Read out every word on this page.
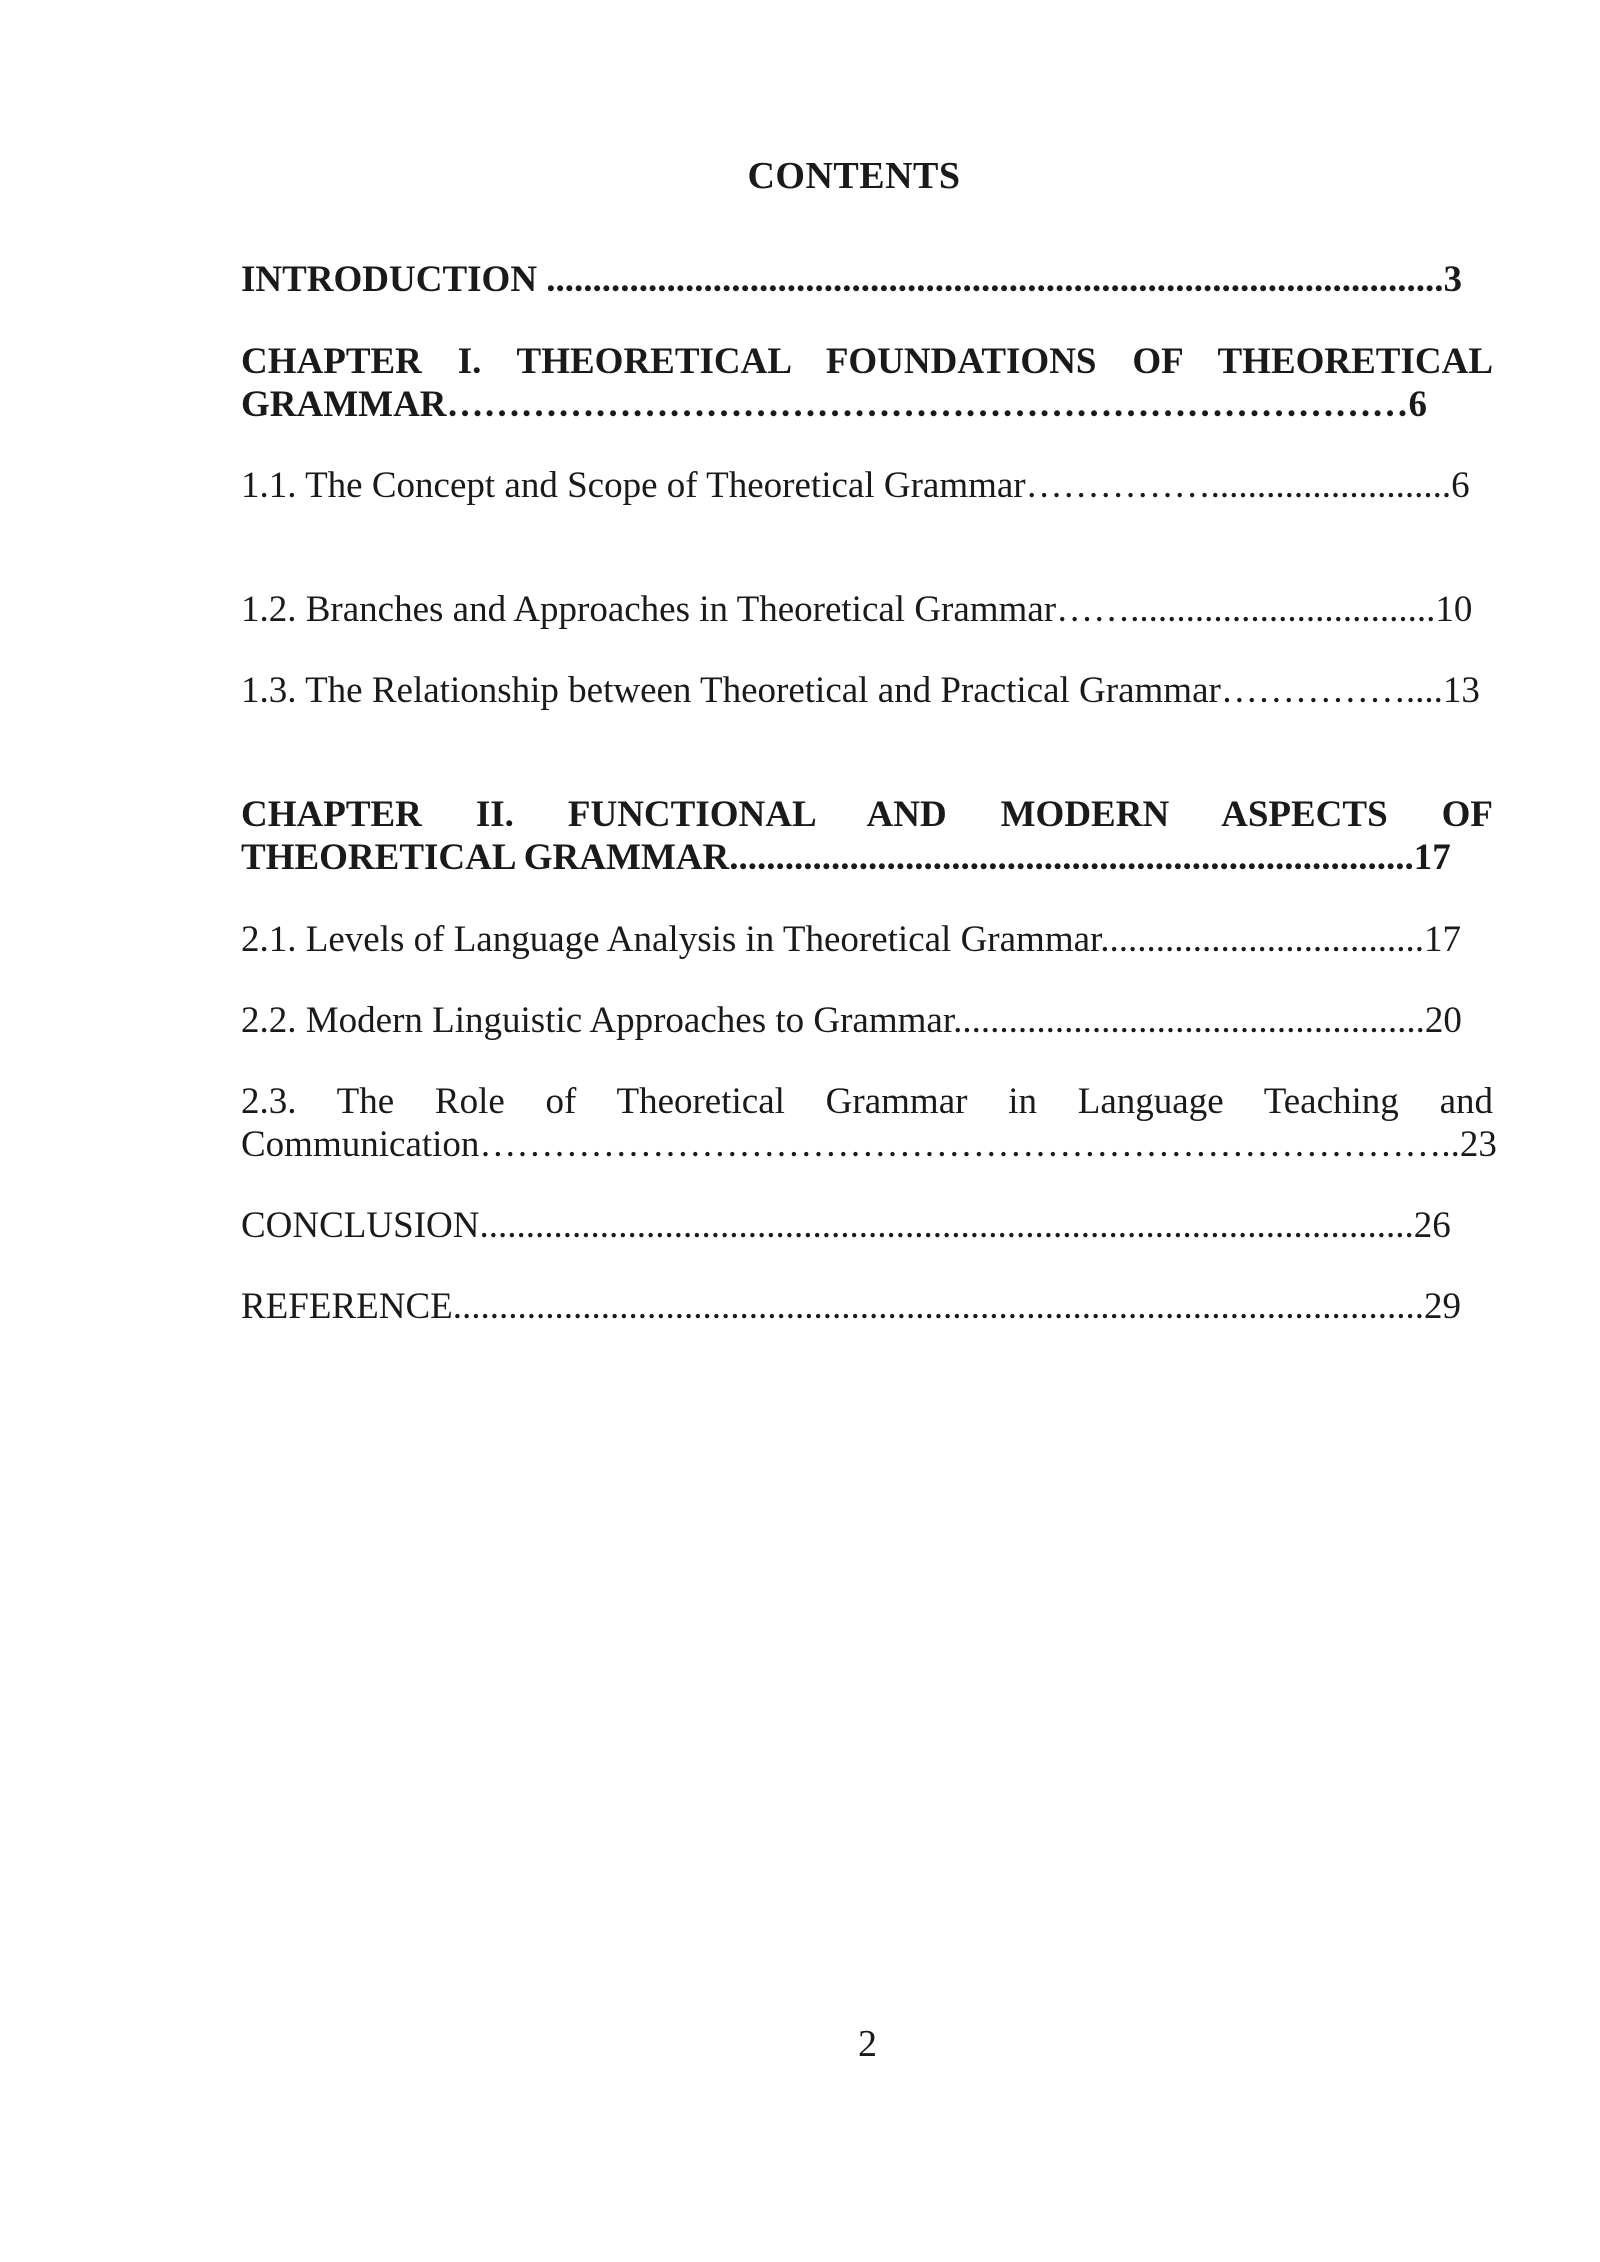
CONTENTS

INTRODUCTION .................................................................................................3

CHAPTER I. THEORETICAL FOUNDATIONS OF THEORETICAL GRAMMAR……………………………………………………………………6

1.1. The Concept and Scope of Theoretical Grammar……………..........................6

1.2. Branches and Approaches in Theoretical Grammar…….................................10

1.3. The Relationship between Theoretical and Practical Grammar……………....13

CHAPTER II. FUNCTIONAL AND MODERN ASPECTS OF THEORETICAL GRAMMAR..........................................................................17

2.1. Levels of Language Analysis in Theoretical Grammar...................................17

2.2. Modern Linguistic Approaches to Grammar...................................................20

2.3. The Role of Theoretical Grammar in Language Teaching and Communication……………………………………………………………………..23

CONCLUSION.....................................................................................................26

REFERENCE.........................................................................................................29

2
